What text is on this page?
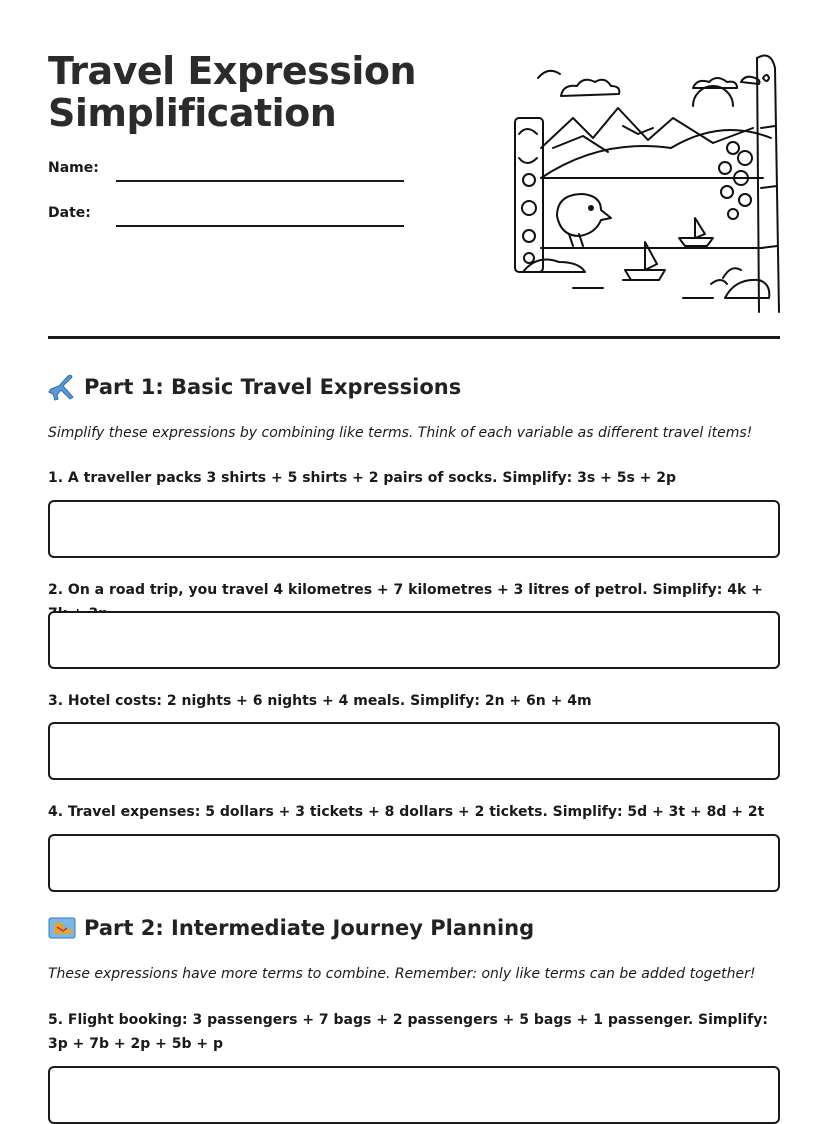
Travel Expression
Simplification
Name:
Date:
Part 1: Basic Travel Expressions
Simplify these expressions by combining like terms. Think of each variable as different travel items!
1. A traveller packs 3 shirts + 5 shirts + 2 pairs of socks. Simplify: 3s + 5s + 2p
2. On a road trip, you travel 4 kilometres + 7 kilometres + 3 litres of petrol. Simplify: 4k +
3. Hotel costs: 2 nights + 6 nights + 4 meals. Simplify: 2n + 6n + 4m
4. Travel expenses: 5 dollars + 3 tickets + 8 dollars + 2 tickets. Simplify: 5d + 3t + 8d + 2t
Part 2: Intermediate Journey Planning
These expressions have more terms to combine. Remember: only like terms can be added together!
5. Flight booking: 3 passengers + 7 bags + 2 passengers + 5 bags + 1 passenger. Simplify: 3p + 7b + 2p + 5b + p
